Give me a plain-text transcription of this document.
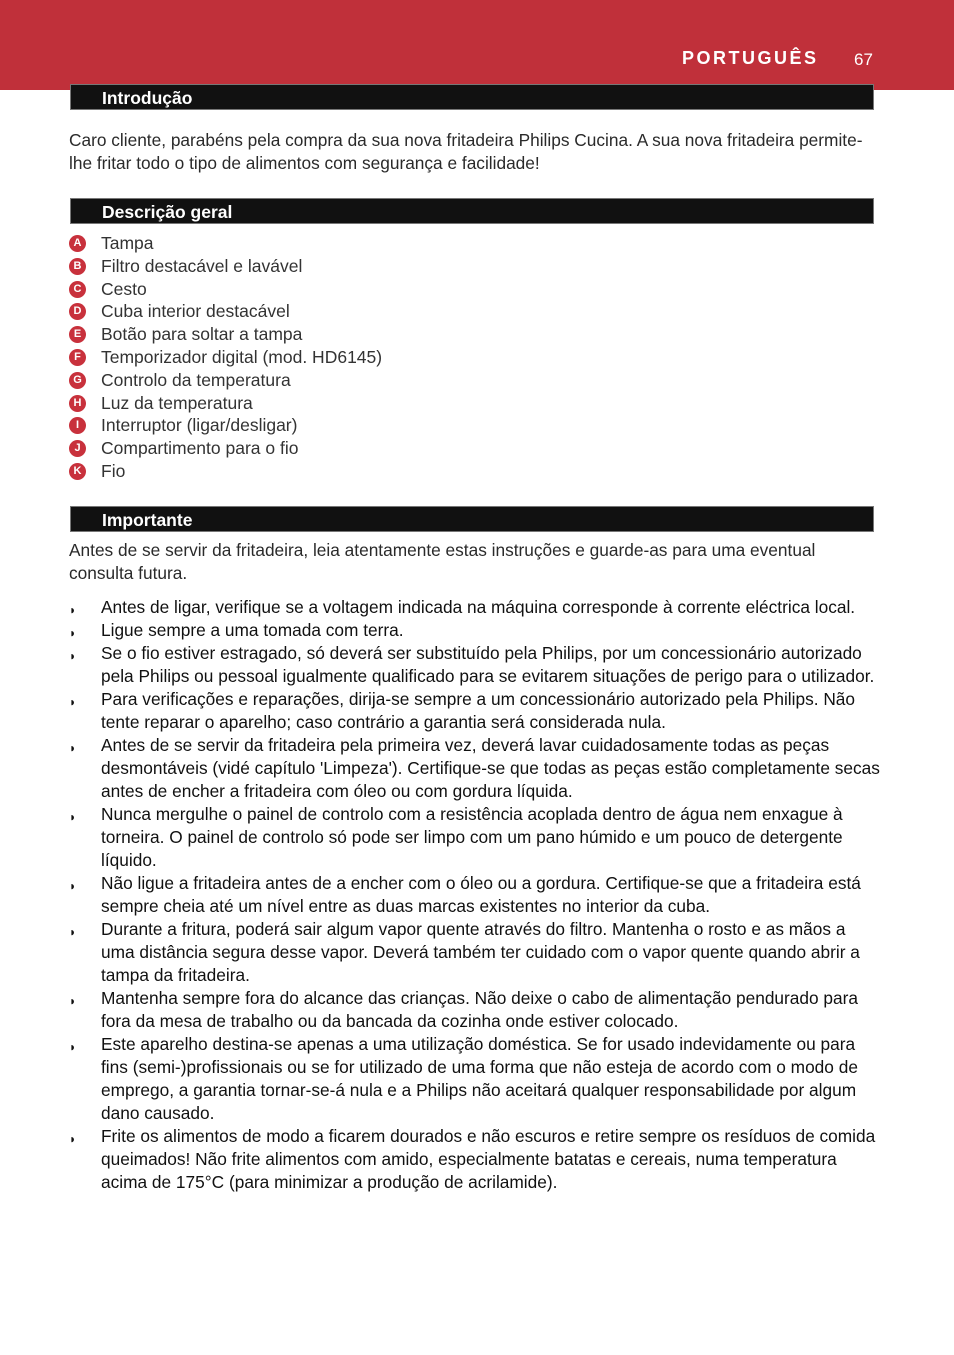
PORTUGUÊS 67
Introdução
Caro cliente, parabéns pela compra da sua nova fritadeira Philips Cucina. A sua nova fritadeira permite-lhe fritar todo o tipo de alimentos com segurança e facilidade!
Descrição geral
A Tampa
B Filtro destacável e lavável
C Cesto
D Cuba interior destacável
E Botão para soltar a tampa
F Temporizador digital (mod. HD6145)
G Controlo da temperatura
H Luz da temperatura
I	Interruptor (ligar/desligar)
J	Compartimento para o fio
K Fio
Importante
Antes de se servir da fritadeira, leia atentamente estas instruções e guarde-as para uma eventual consulta futura.
◗ Antes de ligar, verifique se a voltagem indicada na máquina corresponde à corrente eléctrica local.
◗ Ligue sempre a uma tomada com terra.
◗ Se o fio estiver estragado, só deverá ser substituído pela Philips, por um concessionário autorizado pela Philips ou pessoal igualmente qualificado para se evitarem situações de perigo para o utilizador.
◗ Para verificações e reparações, dirija-se sempre a um concessionário autorizado pela Philips. Não tente reparar o aparelho; caso contrário a garantia será considerada nula.
◗ Antes de se servir da fritadeira pela primeira vez, deverá lavar cuidadosamente todas as peças desmontáveis (vidé capítulo 'Limpeza'). Certifique-se que todas as peças estão completamente secas antes de encher a fritadeira com óleo ou com gordura líquida.
◗ Nunca mergulhe o painel de controlo com a resistência acoplada dentro de água nem enxague à torneira. O painel de controlo só pode ser limpo com um pano húmido e um pouco de detergente líquido.
◗ Não ligue a fritadeira antes de a encher com o óleo ou a gordura. Certifique-se que a fritadeira está sempre cheia até um nível entre as duas marcas existentes no interior da cuba.
◗ Durante a fritura, poderá sair algum vapor quente através do filtro. Mantenha o rosto e as mãos a uma distância segura desse vapor. Deverá também ter cuidado com o vapor quente quando abrir a tampa da fritadeira.
◗ Mantenha sempre fora do alcance das crianças. Não deixe o cabo de alimentação pendurado para fora da mesa de trabalho ou da bancada da cozinha onde estiver colocado.
◗ Este aparelho destina-se apenas a uma utilização doméstica. Se for usado indevidamente ou para fins (semi-)profissionais ou se for utilizado de uma forma que não esteja de acordo com o modo de emprego, a garantia tornar-se-á nula e a Philips não aceitará qualquer responsabilidade por algum dano causado.
◗ Frite os alimentos de modo a ficarem dourados e não escuros e retire sempre os resíduos de comida queimados! Não frite alimentos com amido, especialmente batatas e cereais, numa temperatura acima de 175°C (para minimizar a produção de acrilamide).
